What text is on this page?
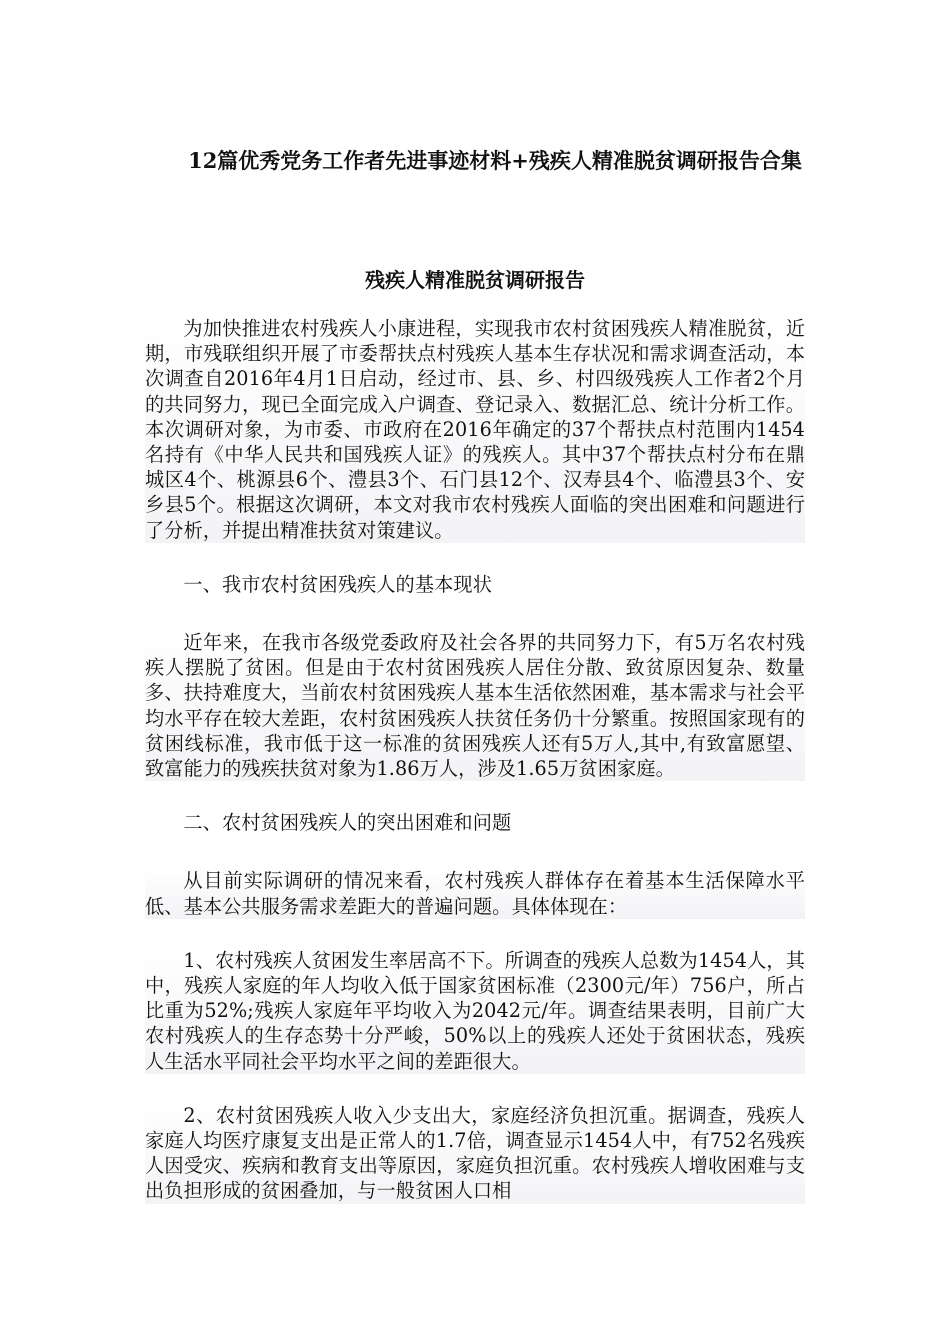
12篇优秀党务工作者先进事迹材料+残疾人精准脱贫调研报告合集
残疾人精准脱贫调研报告

为加快推进农村残疾人小康进程，实现我市农村贫困残疾人精准脱贫，近期，市残联组织开展了市委帮扶点村残疾人基本生存状况和需求调查活动，本次调查自2016年4月1日启动，经过市、县、乡、村四级残疾人工作者2个月的共同努力，现已全面完成入户调查、登记录入、数据汇总、统计分析工作。本次调研对象，为市委、市政府在2016年确定的37个帮扶点村范围内1454名持有《中华人民共和国残疾人证》的残疾人。其中37个帮扶点村分布在鼎城区4个、桃源县6个、澧县3个、石门县12个、汉寿县4个、临澧县3个、安乡县5个。根据这次调研，本文对我市农村残疾人面临的突出困难和问题进行了分析，并提出精准扶贫对策建议。

一、我市农村贫困残疾人的基本现状

近年来，在我市各级党委政府及社会各界的共同努力下，有5万名农村残疾人摆脱了贫困。但是由于农村贫困残疾人居住分散、致贫原因复杂、数量多、扶持难度大，当前农村贫困残疾人基本生活依然困难，基本需求与社会平均水平存在较大差距，农村贫困残疾人扶贫任务仍十分繁重。按照国家现有的贫困线标准，我市低于这一标准的贫困残疾人还有5万人,其中,有致富愿望、致富能力的残疾扶贫对象为1.86万人，涉及1.65万贫困家庭。

二、农村贫困残疾人的突出困难和问题

从目前实际调研的情况来看，农村残疾人群体存在着基本生活保障水平低、基本公共服务需求差距大的普遍问题。具体体现在：

1、农村残疾人贫困发生率居高不下。所调查的残疾人总数为1454人，其中，残疾人家庭的年人均收入低于国家贫困标准（2300元/年）756户，所占比重为52%;残疾人家庭年平均收入为2042元/年。调查结果表明，目前广大农村残疾人的生存态势十分严峻，50%以上的残疾人还处于贫困状态，残疾人生活水平同社会平均水平之间的差距很大。

2、农村贫困残疾人收入少支出大，家庭经济负担沉重。据调查，残疾人家庭人均医疗康复支出是正常人的1.7倍，调查显示1454人中，有752名残疾人因受灾、疾病和教育支出等原因，家庭负担沉重。农村残疾人增收困难与支出负担形成的贫困叠加，与一般贫困人口相
